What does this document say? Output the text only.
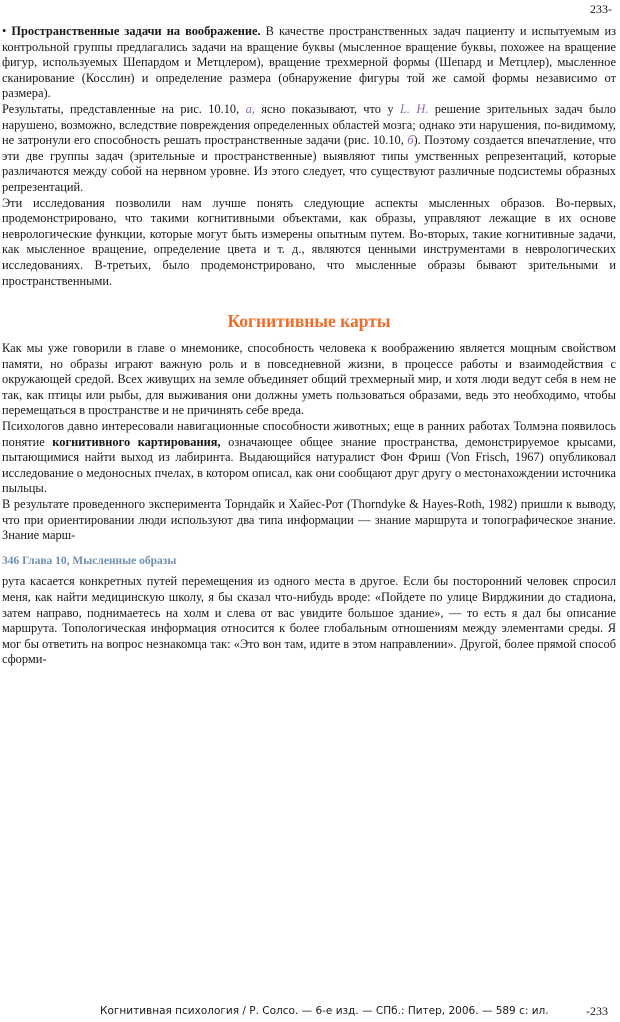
233-

• Пространственные задачи на воображение. В качестве пространственных задач пациенту и испытуемым из контрольной группы предлагались задачи на вращение буквы (мысленное вращение буквы, похожее на вращение фигур, используемых Шепардом и Метцлером), вращение трехмерной формы (Шепард и Метцлер), мысленное сканирование (Косслин) и определение размера (обнаружение фигуры той же самой формы независимо от размера).

Результаты, представленные на рис. 10.10, a, ясно показывают, что у L. H. решение зрительных задач было нарушено, возможно, вследствие повреждения определенных областей мозга; однако эти нарушения, по-видимому, не затронули его способность решать пространственные задачи (рис. 10.10, б). Поэтому создается впечатление, что эти две группы задач (зрительные и пространственные) выявляют типы умственных репрезентаций, которые различаются между собой на нервном уровне. Из этого следует, что существуют различные подсистемы образных репрезентаций.

Эти исследования позволили нам лучше понять следующие аспекты мысленных образов. Во-первых, продемонстрировано, что такими когнитивными объектами, как образы, управляют лежащие в их основе неврологические функции, которые могут быть измерены опытным путем. Во-вторых, такие когнитивные задачи, как мысленное вращение, определение цвета и т. д., являются ценными инструментами в неврологических исследованиях. В-третьих, было продемонстрировано, что мысленные образы бывают зрительными и пространственными.

Когнитивные карты

Как мы уже говорили в главе о мнемонике, способность человека к воображению является мощным свойством памяти, но образы играют важную роль и в повседневной жизни, в процессе работы и взаимодействия с окружающей средой. Всех живущих на земле объединяет общий трехмерный мир, и хотя люди ведут себя в нем не так, как птицы или рыбы, для выживания они должны уметь пользоваться образами, ведь это необходимо, чтобы перемещаться в пространстве и не причинять себе вреда.

Психологов давно интересовали навигационные способности животных; еще в ранних работах Толмэна появилось понятие когнитивного картирования, означающее общее знание пространства, демонстрируемое крысами, пытающимися найти выход из лабиринта. Выдающийся натуралист Фон Фриш (Von Frisch, 1967) опубликовал исследование о медоносных пчелах, в котором описал, как они сообщают друг другу о местонахождении источника пыльцы.

В результате проведенного эксперимента Торндайк и Хайес-Рот (Thorndyke & Hayes-Roth, 1982) пришли к выводу, что при ориентировании люди используют два типа информации — знание маршрута и топографическое знание. Знание марш-

346 Глава 10, Мысленные образы

рута касается конкретных путей перемещения из одного места в другое. Если бы посторонний человек спросил меня, как найти медицинскую школу, я бы сказал что-нибудь вроде: «Пойдете по улице Вирджинии до стадиона, затем направо, поднимаетесь на холм и слева от вас увидите большое здание», — то есть я дал бы описание маршрута. Топологическая информация относится к более глобальным отношениям между элементами среды. Я мог бы ответить на вопрос незнакомца так: «Это вон там, идите в этом направлении». Другой, более прямой способ сформи-

Когнитивная психология / Р. Солсо. — 6-е изд. — СПб.: Питер, 2006. — 589 с: ил.	-233
